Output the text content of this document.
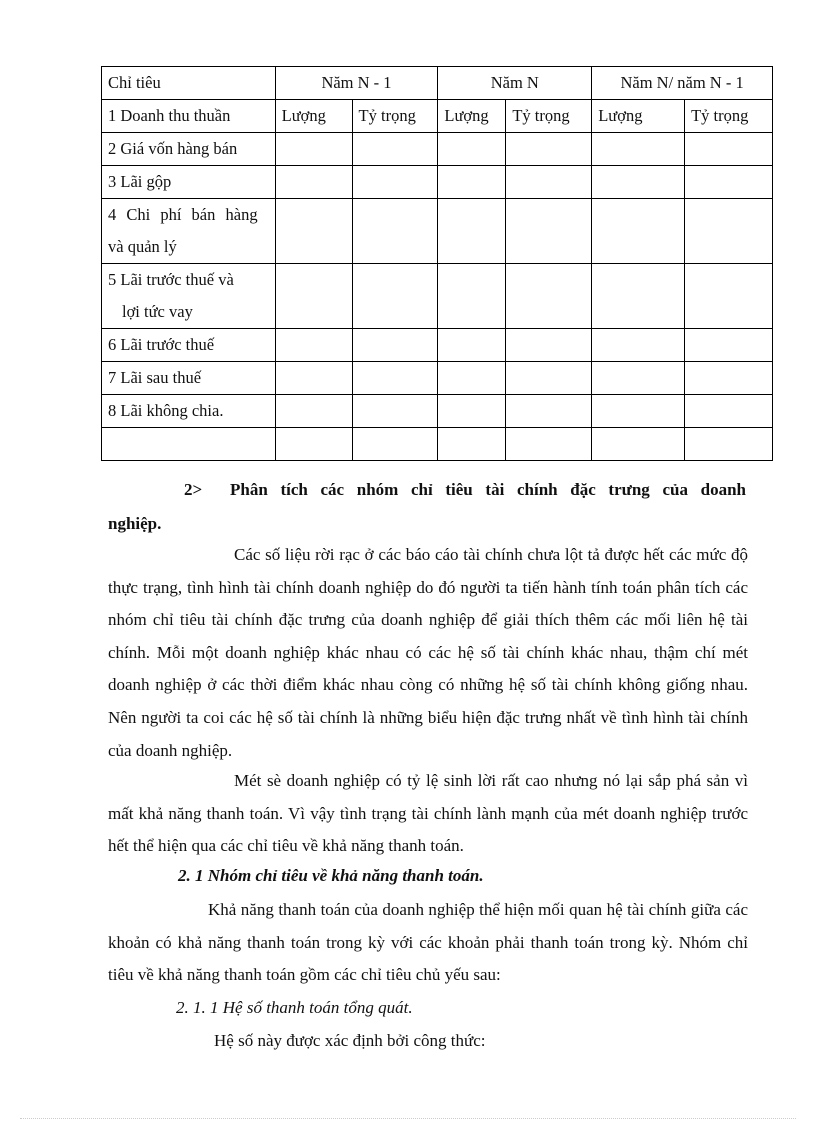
Chỉ tiêu	Năm N - 1		Năm N		Năm N/ năm N - 1	
1 Doanh thu thuần	Lượng	Tỷ trọng	Lượng	Tỷ trọng	Lượng	Tỷ trọng
2 Giá vốn hàng bán						
3 Lãi gộp						

4 Chi phí bán hàng
và quản lý						

5 Lãi trước thuế và
lợi tức vay						

6 Lãi trước thuế						
7 Lãi sau thuế						
8 Lãi không chia.						

2> Phân tích các nhóm chỉ tiêu tài chính đặc trưng của doanh
nghiệp.

Các số liệu rời rạc ở các báo cáo tài chính chưa lột tả được hết các mức độ thực trạng, tình hình tài chính doanh nghiệp do đó người ta tiến hành tính toán phân tích các nhóm chỉ tiêu tài chính đặc trưng của doanh nghiệp để giải thích thêm các mối liên hệ tài chính. Mỗi một doanh nghiệp khác nhau có các hệ số tài chính khác nhau, thậm chí mét doanh nghiệp ở các thời điểm khác nhau còng có những hệ số tài chính không giống nhau. Nên người ta coi các hệ số tài chính là những biểu hiện đặc trưng nhất về tình hình tài chính của doanh nghiệp.

Mét sè doanh nghiệp có tỷ lệ sinh lời rất cao nhưng nó lại sắp phá sản vì mất khả năng thanh toán. Vì vậy tình trạng tài chính lành mạnh của mét doanh nghiệp trước hết thể hiện qua các chỉ tiêu về khả năng thanh toán.

2. 1 Nhóm chỉ tiêu về khả năng thanh toán.

Khả năng thanh toán của doanh nghiệp thể hiện mối quan hệ tài chính giữa các khoản có khả năng thanh toán trong kỳ với các khoản phải thanh toán trong kỳ. Nhóm chỉ tiêu về khả năng thanh toán gồm các chỉ tiêu chủ yếu sau:

2. 1. 1 Hệ số thanh toán tổng quát.
Hệ số này được xác định bởi công thức:
